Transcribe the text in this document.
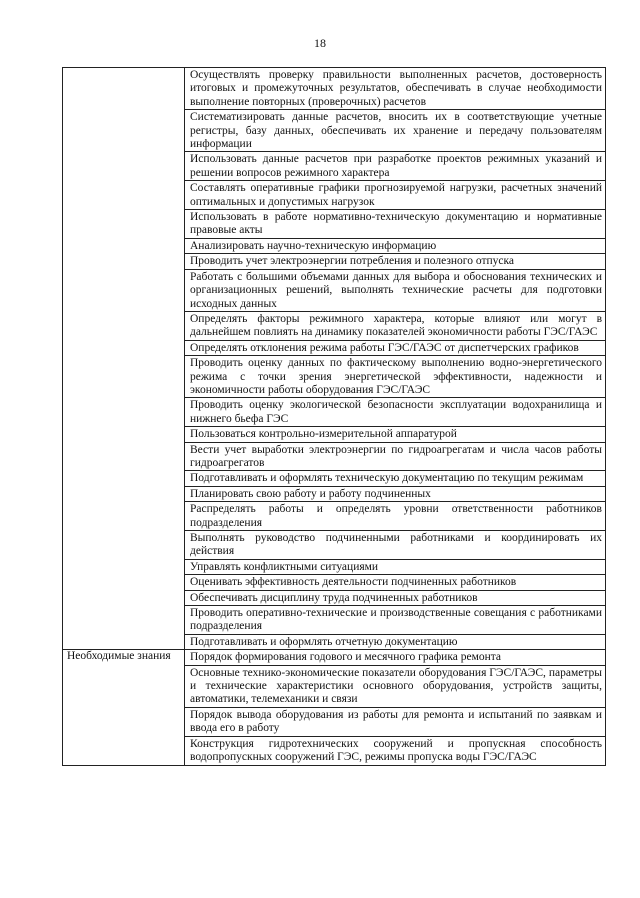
18
Осуществлять проверку правильности выполненных расчетов, достоверность итоговых и промежуточных результатов, обеспечивать в случае необходимости выполнение повторных (проверочных) расчетов
Систематизировать данные расчетов, вносить их в соответствующие учетные регистры, базу данных, обеспечивать их хранение и передачу пользователям информации
Использовать данные расчетов при разработке проектов режимных указаний и решении вопросов режимного характера
Составлять оперативные графики прогнозируемой нагрузки, расчетных значений оптимальных и допустимых нагрузок
Использовать в работе нормативно-техническую документацию и нормативные правовые акты
Анализировать научно-техническую информацию
Проводить учет электроэнергии потребления и полезного отпуска
Работать с большими объемами данных для выбора и обоснования технических и организационных решений, выполнять технические расчеты для подготовки исходных данных
Определять факторы режимного характера, которые влияют или могут в дальнейшем повлиять на динамику показателей экономичности работы ГЭС/ГАЭС
Определять отклонения режима работы ГЭС/ГАЭС от диспетчерских графиков
Проводить оценку данных по фактическому выполнению водно-энергетического режима с точки зрения энергетической эффективности, надежности и экономичности работы оборудования ГЭС/ГАЭС
Проводить оценку экологической безопасности эксплуатации водохранилища и нижнего бьефа ГЭС
Пользоваться контрольно-измерительной аппаратурой
Вести учет выработки электроэнергии по гидроагрегатам и числа часов работы гидроагрегатов
Подготавливать и оформлять техническую документацию по текущим режимам
Планировать свою работу и работу подчиненных
Распределять работы и определять уровни ответственности работников подразделения
Выполнять руководство подчиненными работниками и координировать их действия
Управлять конфликтными ситуациями
Оценивать эффективность деятельности подчиненных работников
Обеспечивать дисциплину труда подчиненных работников
Проводить оперативно-технические и производственные совещания с работниками подразделения
Подготавливать и оформлять отчетную документацию
Необходимые знания	Порядок формирования годового и месячного графика ремонта
Основные технико-экономические показатели оборудования ГЭС/ГАЭС, параметры и технические характеристики основного оборудования, устройств защиты, автоматики, телемеханики и связи
Порядок вывода оборудования из работы для ремонта и испытаний по заявкам и ввода его в работу
Конструкция гидротехнических сооружений и пропускная способность водопропускных сооружений ГЭС, режимы пропуска воды ГЭС/ГАЭС
